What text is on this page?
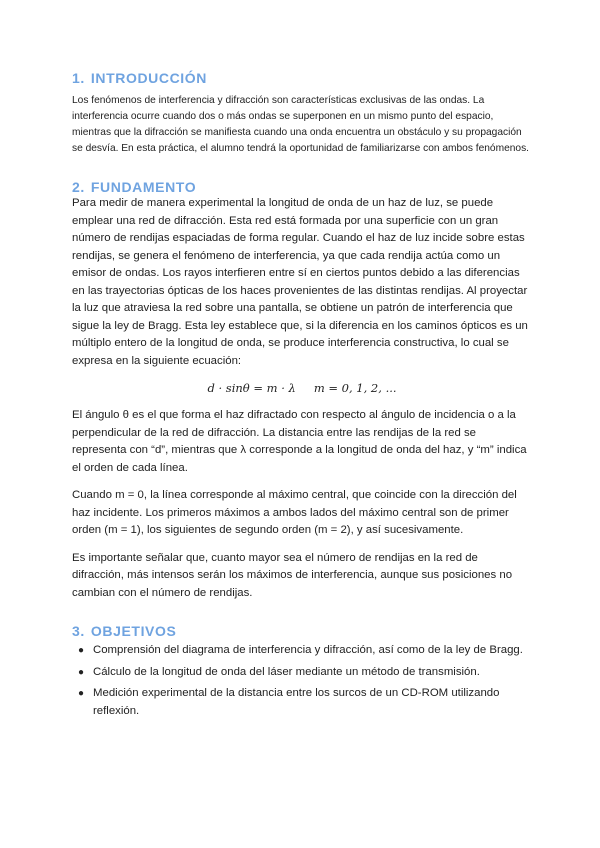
1. INTRODUCCIÓN

Los fenómenos de interferencia y difracción son características exclusivas de las ondas. La interferencia ocurre cuando dos o más ondas se superponen en un mismo punto del espacio, mientras que la difracción se manifiesta cuando una onda encuentra un obstáculo y su propagación se desvía. En esta práctica, el alumno tendrá la oportunidad de familiarizarse con ambos fenómenos.

2. FUNDAMENTO

Para medir de manera experimental la longitud de onda de un haz de luz, se puede emplear una red de difracción. Esta red está formada por una superficie con un gran número de rendijas espaciadas de forma regular. Cuando el haz de luz incide sobre estas rendijas, se genera el fenómeno de interferencia, ya que cada rendija actúa como un emisor de ondas. Los rayos interfieren entre sí en ciertos puntos debido a las diferencias en las trayectorias ópticas de los haces provenientes de las distintas rendijas. Al proyectar la luz que atraviesa la red sobre una pantalla, se obtiene un patrón de interferencia que sigue la ley de Bragg. Esta ley establece que, si la diferencia en los caminos ópticos es un múltiplo entero de la longitud de onda, se produce interferencia constructiva, lo cual se expresa en la siguiente ecuación:

d · sinθ = m · λ m = 0, 1, 2, ...

El ángulo θ es el que forma el haz difractado con respecto al ángulo de incidencia o a la perpendicular de la red de difracción. La distancia entre las rendijas de la red se representa con “d”, mientras que λ corresponde a la longitud de onda del haz, y “m” indica el orden de cada línea.

Cuando m = 0, la línea corresponde al máximo central, que coincide con la dirección del haz incidente. Los primeros máximos a ambos lados del máximo central son de primer orden (m = 1), los siguientes de segundo orden (m = 2), y así sucesivamente.

Es importante señalar que, cuanto mayor sea el número de rendijas en la red de difracción, más intensos serán los máximos de interferencia, aunque sus posiciones no cambian con el número de rendijas.

3. OBJETIVOS
● Comprensión del diagrama de interferencia y difracción, así como de la ley de Bragg.
● Cálculo de la longitud de onda del láser mediante un método de transmisión.
● Medición experimental de la distancia entre los surcos de un CD-ROM utilizando reflexión.
